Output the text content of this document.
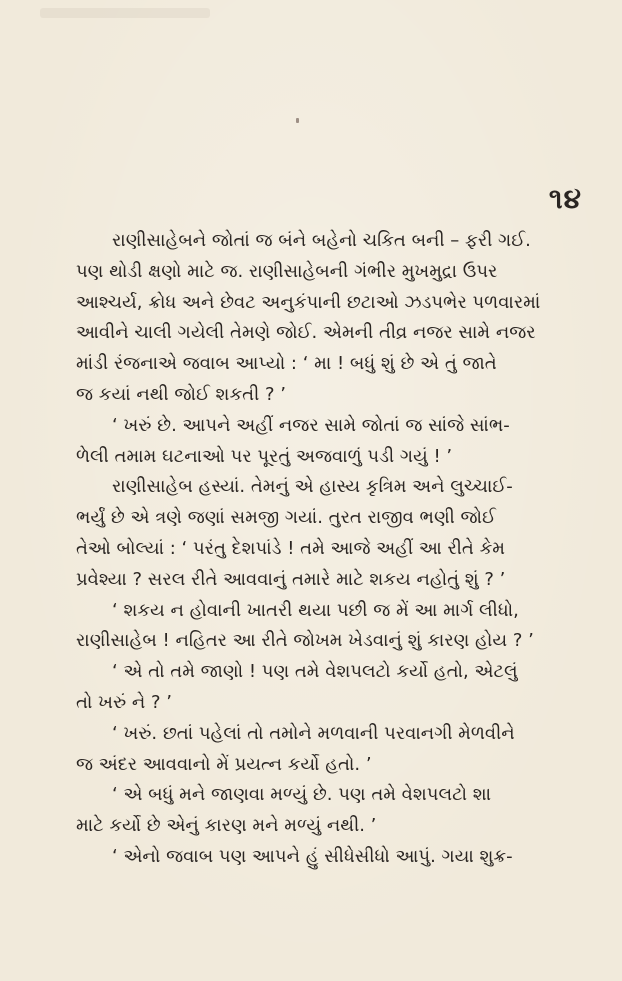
૧૪
રાણીસાહેબને જોતાં જ બંને બહેનો ચકિત બની – ફરી ગઈ.
પણ થોડી ક્ષણો માટે જ. રાણીસાહેબની ગંભીર મુખમુદ્રા ઉપર
આશ્ચર્ય, ક્રોધ અને છેવટ અનુકંપાની છટાઓ ઝડપભેર પળવારમાં
આવીને ચાલી ગયેલી તેમણે જોઈ. એમની તીવ્ર નજર સામે નજર
માંડી રંજનાએ જવાબ આપ્યો : ‘ મા ! બધું શું છે એ તું જાતે
જ કયાં નથી જોઈ શકતી ? ’
‘ ખરું છે. આપને અહીં નજર સામે જોતાં જ સાંજે સાંભ-
ળેલી તમામ ઘટનાઓ પર પૂરતું અજવાળું પડી ગયું ! ’
રાણીસાહેબ હસ્યાં. તેમનું એ હાસ્ય કૃત્રિમ અને લુચ્ચાઈ-
ભર્યું છે એ ત્રણે જણાં સમજી ગયાં. તુરત રાજીવ ભણી જોઈ
તેઓ બોલ્યાં : ‘ પરંતુ દેશપાંડે ! તમે આજે અહીં આ રીતે કેમ
પ્રવેશ્યા ? સરલ રીતે આવવાનું તમારે માટે શકય નહોતું શું ? ’
‘ શકય ન હોવાની ખાતરી થયા પછી જ મેં આ માર્ગ લીધો,
રાણીસાહેબ ! નહિતર આ રીતે જોખમ ખેડવાનું શું કારણ હોય ? ’
‘ એ તો તમે જાણો ! પણ તમે વેશપલટો કર્યો હતો, એટલું
તો ખરું ને ? ’
‘ ખરું. છતાં પહેલાં તો તમોને મળવાની પરવાનગી મેળવીને
જ અંદર આવવાનો મેં પ્રયત્ન કર્યો હતો. ’
‘ એ બધું મને જાણવા મળ્યું છે. પણ તમે વેશપલટો શા
માટે કર્યો છે એનું કારણ મને મળ્યું નથી. ’
‘ એનો જવાબ પણ આપને હું સીધેસીધો આપું. ગયા શુક્ર-
